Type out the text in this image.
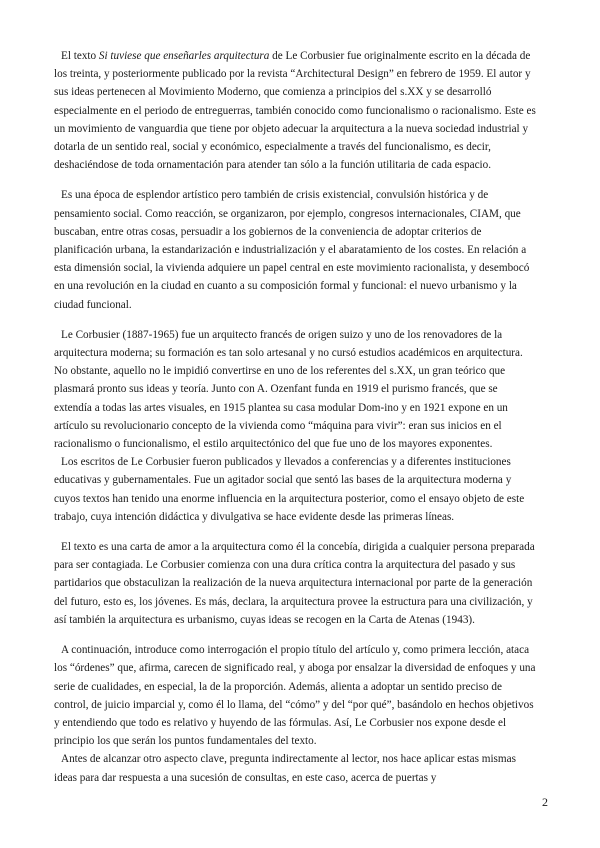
El texto Si tuviese que enseñarles arquitectura de Le Corbusier fue originalmente escrito en la década de los treinta, y posteriormente publicado por la revista “Architectural Design” en febrero de 1959. El autor y sus ideas pertenecen al Movimiento Moderno, que comienza a principios del s.XX y se desarrolló especialmente en el periodo de entreguerras, también conocido como funcionalismo o racionalismo. Este es un movimiento de vanguardia que tiene por objeto adecuar la arquitectura a la nueva sociedad industrial y dotarla de un sentido real, social y económico, especialmente a través del funcionalismo, es decir, deshaciéndose de toda ornamentación para atender tan sólo a la función utilitaria de cada espacio.

Es una época de esplendor artístico pero también de crisis existencial, convulsión histórica y de pensamiento social. Como reacción, se organizaron, por ejemplo, congresos internacionales, CIAM, que buscaban, entre otras cosas, persuadir a los gobiernos de la conveniencia de adoptar criterios de planificación urbana, la estandarización e industrialización y el abaratamiento de los costes. En relación a esta dimensión social, la vivienda adquiere un papel central en este movimiento racionalista, y desembocó en una revolución en la ciudad en cuanto a su composición formal y funcional: el nuevo urbanismo y la ciudad funcional.

Le Corbusier (1887-1965) fue un arquitecto francés de origen suizo y uno de los renovadores de la arquitectura moderna; su formación es tan solo artesanal y no cursó estudios académicos en arquitectura. No obstante, aquello no le impidió convertirse en uno de los referentes del s.XX, un gran teórico que plasmará pronto sus ideas y teoría. Junto con A. Ozenfant funda en 1919 el purismo francés, que se extendía a todas las artes visuales, en 1915 plantea su casa modular Dom-ino y en 1921 expone en un artículo su revolucionario concepto de la vivienda como “máquina para vivir”: eran sus inicios en el racionalismo o funcionalismo, el estilo arquitectónico del que fue uno de los mayores exponentes.

Los escritos de Le Corbusier fueron publicados y llevados a conferencias y a diferentes instituciones educativas y gubernamentales. Fue un agitador social que sentó las bases de la arquitectura moderna y cuyos textos han tenido una enorme influencia en la arquitectura posterior, como el ensayo objeto de este trabajo, cuya intención didáctica y divulgativa se hace evidente desde las primeras líneas.

El texto es una carta de amor a la arquitectura como él la concebía, dirigida a cualquier persona preparada para ser contagiada. Le Corbusier comienza con una dura crítica contra la arquitectura del pasado y sus partidarios que obstaculizan la realización de la nueva arquitectura internacional por parte de la generación del futuro, esto es, los jóvenes. Es más, declara, la arquitectura provee la estructura para una civilización, y así también la arquitectura es urbanismo, cuyas ideas se recogen en la Carta de Atenas (1943).

A continuación, introduce como interrogación el propio título del artículo y, como primera lección, ataca los “órdenes” que, afirma, carecen de significado real, y aboga por ensalzar la diversidad de enfoques y una serie de cualidades, en especial, la de la proporción. Además, alienta a adoptar un sentido preciso de control, de juicio imparcial y, como él lo llama, del “cómo” y del “por qué”, basándolo en hechos objetivos y entendiendo que todo es relativo y huyendo de las fórmulas. Así, Le Corbusier nos expone desde el principio los que serán los puntos fundamentales del texto.

Antes de alcanzar otro aspecto clave, pregunta indirectamente al lector, nos hace aplicar estas mismas ideas para dar respuesta a una sucesión de consultas, en este caso, acerca de puertas y

2
